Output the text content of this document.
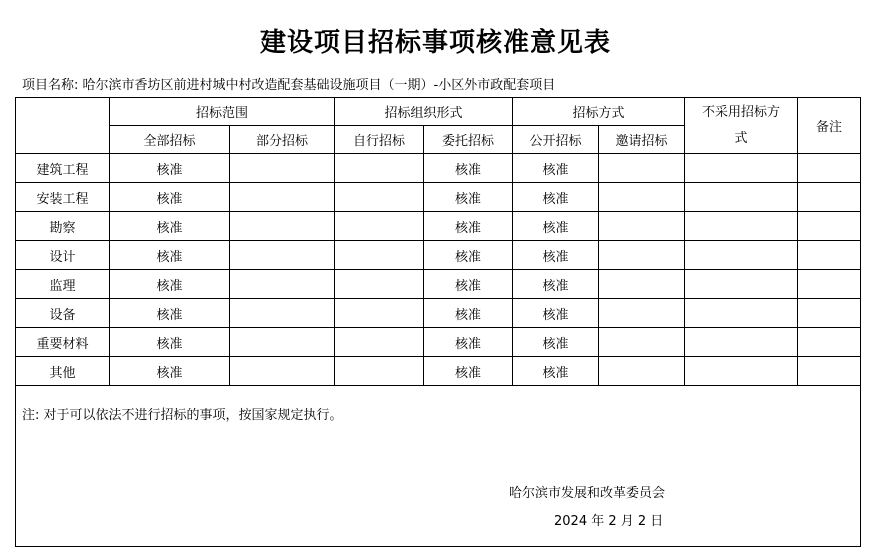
建设项目招标事项核准意见表
项目名称: 哈尔滨市香坊区前进村城中村改造配套基础设施项目（一期）-小区外市政配套项目
	招标范围		招标组织形式		招标方式		不采用招标方式	备注
	全部招标	部分招标	自行招标	委托招标	公开招标	邀请招标		
建筑工程	核准			核准	核准			
安装工程	核准			核准	核准			
勘察	核准			核准	核准			
设计	核准			核准	核准			
监理	核准			核准	核准			
设备	核准			核准	核准			
重要材料	核准			核准	核准			
其他	核准			核准	核准			

注: 对于可以依法不进行招标的事项，按国家规定执行。
哈尔滨市发展和改革委员会
2024 年 2 月 2 日								
